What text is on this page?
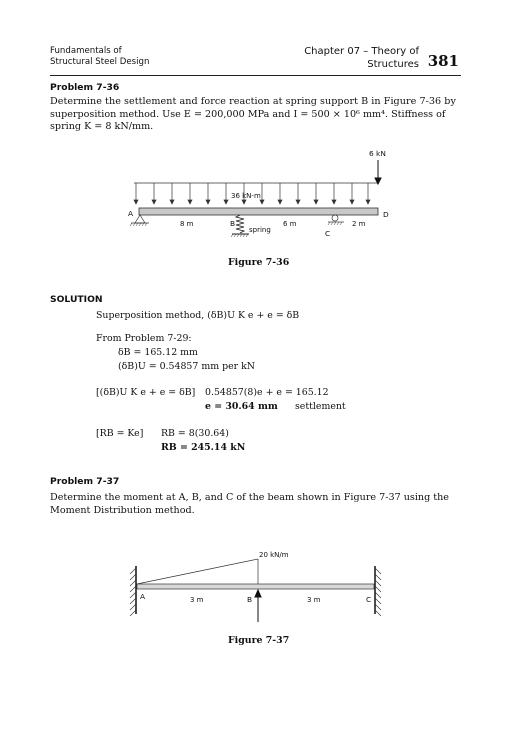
Fundamentals of
Structural Steel Design
Chapter 07 – Theory of
Structures 381
Problem 7-36
Determine the settlement and force reaction at spring support B in Figure 7-36 by
superposition method. Use E = 200,000 MPa and I = 500 × 10⁶ mm⁴. Stiffness of
spring K = 8 kN/mm.
6 kN
36 kN-m
spring
A
B
C
D
8 m	6 m	2 m
Figure 7-36
SOLUTION
Superposition method, (δB)U K e + e = δB
From Problem 7-29:
δB = 165.12 mm
(δB)U = 0.54857 mm per kN
[(δB)U K e + e = δB] 0.54857(8)e + e = 165.12
e = 30.64 mm settlement
[RB = Ke] RB = 8(30.64)
RB = 245.14 kN
Problem 7-37
Determine the moment at A, B, and C of the beam shown in Figure 7-37 using the
Moment Distribution method.
20 kN/m
A	B	C
3 m	3 m
Figure 7-37
